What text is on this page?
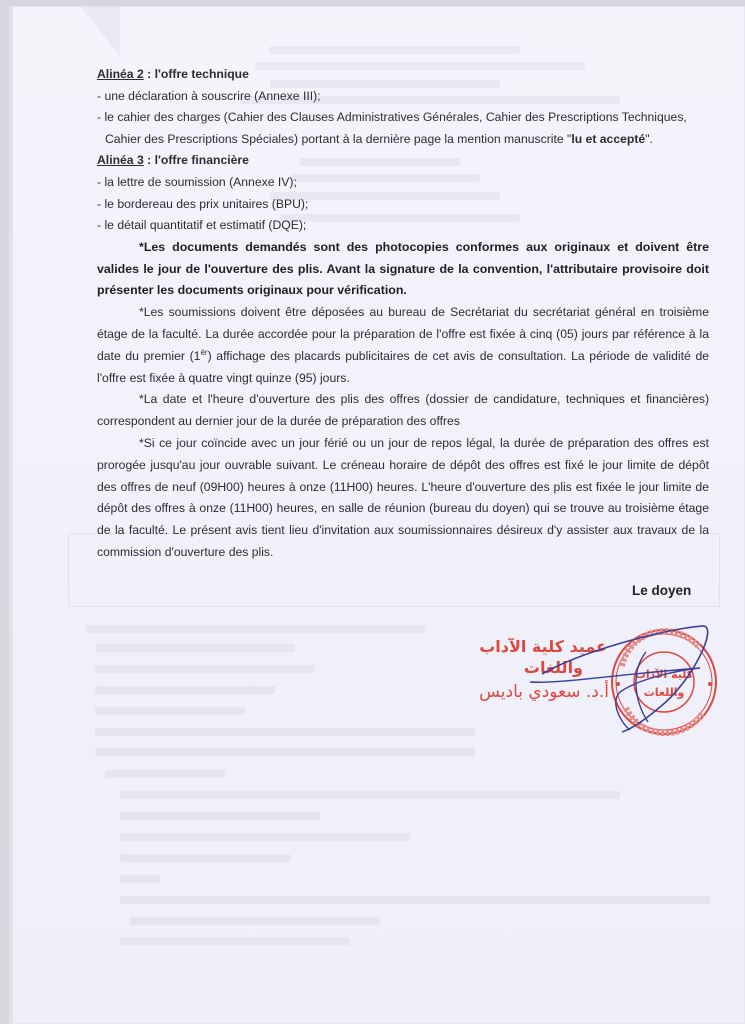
Alinéa 2 : l'offre technique

- une déclaration à souscrire (Annexe III);

- le cahier des charges (Cahier des Clauses Administratives Générales, Cahier des Prescriptions Techniques,

Cahier des Prescriptions Spéciales) portant à la dernière page la mention manuscrite "lu et accepté".

Alinéa 3 : l'offre financière

- la lettre de soumission (Annexe IV);

- le bordereau des prix unitaires (BPU);

- le détail quantitatif et estimatif (DQE);

*Les documents demandés sont des photocopies conformes aux originaux et doivent être valides le jour de l'ouverture des plis. Avant la signature de la convention, l'attributaire provisoire doit présenter les documents originaux pour vérification.

*Les soumissions doivent être déposées au bureau de Secrétariat du secrétariat général en troisième étage de la faculté. La durée accordée pour la préparation de l'offre est fixée à cinq (05) jours par référence à la date du premier $(1^{ér})$ affichage des placards publicitaires de cet avis de consultation. La période de validité de l'offre est fixée à quatre vingt quinze (95) jours.

*La date et l'heure d'ouverture des plis des offres (dossier de candidature, techniques et financières) correspondent au dernier jour de la durée de préparation des offres

*Si ce jour coïncide avec un jour férié ou un jour de repos légal, la durée de préparation des offres est prorogée jusqu'au jour ouvrable suivant. Le créneau horaire de dépôt des offres est fixé le jour limite de dépôt des offres de neuf (09H00) heures à onze (11H00) heures. L'heure d'ouverture des plis est fixée le jour limite de dépôt des offres à onze (11H00) heures, en salle de réunion (bureau du doyen) qui se trouve au troisième étage de la faculté. Le présent avis tient lieu d'invitation aux soumissionnaires désireux d'y assister aux travaux de la commission d'ouverture des plis.

Le doyen
عميد كلية الآداب
واللغات
أ.د. سعودي باديس
كلية الآداب
واللغات
